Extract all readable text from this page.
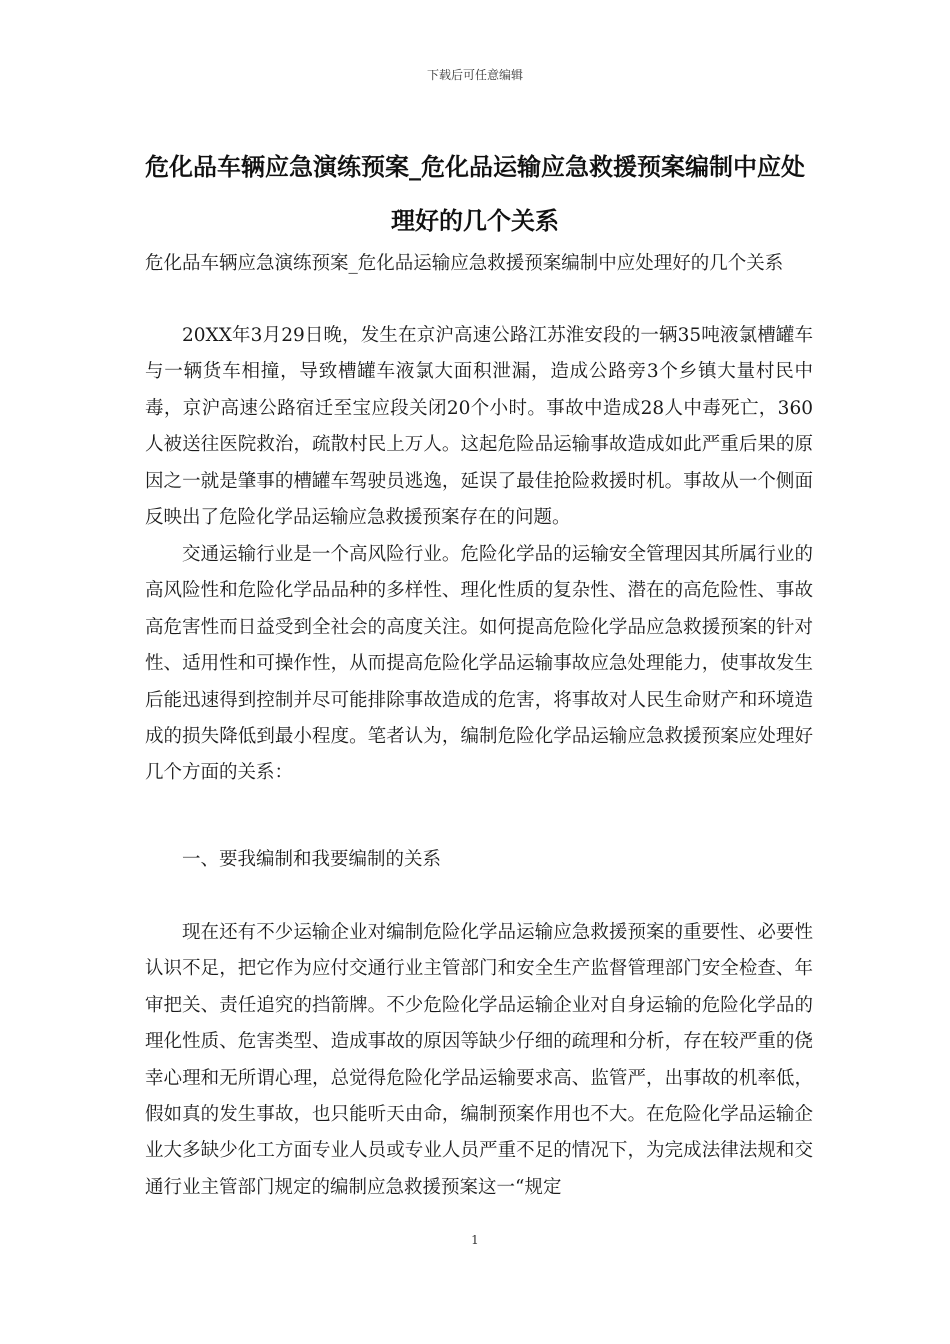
下载后可任意编辑
危化品车辆应急演练预案_危化品运输应急救援预案编制中应处理好的几个关系
危化品车辆应急演练预案_危化品运输应急救援预案编制中应处理好的几个关系

20XX年3月29日晚，发生在京沪高速公路江苏淮安段的一辆35吨液氯槽罐车与一辆货车相撞，导致槽罐车液氯大面积泄漏，造成公路旁3个乡镇大量村民中毒，京沪高速公路宿迁至宝应段关闭20个小时。事故中造成28人中毒死亡，360人被送往医院救治，疏散村民上万人。这起危险品运输事故造成如此严重后果的原因之一就是肇事的槽罐车驾驶员逃逸，延误了最佳抢险救援时机。事故从一个侧面反映出了危险化学品运输应急救援预案存在的问题。

交通运输行业是一个高风险行业。危险化学品的运输安全管理因其所属行业的高风险性和危险化学品品种的多样性、理化性质的复杂性、潜在的高危险性、事故高危害性而日益受到全社会的高度关注。如何提高危险化学品应急救援预案的针对性、适用性和可操作性，从而提高危险化学品运输事故应急处理能力，使事故发生后能迅速得到控制并尽可能排除事故造成的危害，将事故对人民生命财产和环境造成的损失降低到最小程度。笔者认为，编制危险化学品运输应急救援预案应处理好几个方面的关系：

一、要我编制和我要编制的关系

现在还有不少运输企业对编制危险化学品运输应急救援预案的重要性、必要性认识不足，把它作为应付交通行业主管部门和安全生产监督管理部门安全检查、年审把关、责任追究的挡箭牌。不少危险化学品运输企业对自身运输的危险化学品的理化性质、危害类型、造成事故的原因等缺少仔细的疏理和分析，存在较严重的侥幸心理和无所谓心理，总觉得危险化学品运输要求高、监管严，出事故的机率低，假如真的发生事故，也只能听天由命，编制预案作用也不大。在危险化学品运输企业大多缺少化工方面专业人员或专业人员严重不足的情况下，为完成法律法规和交通行业主管部门规定的编制应急救援预案这一“规定

1
